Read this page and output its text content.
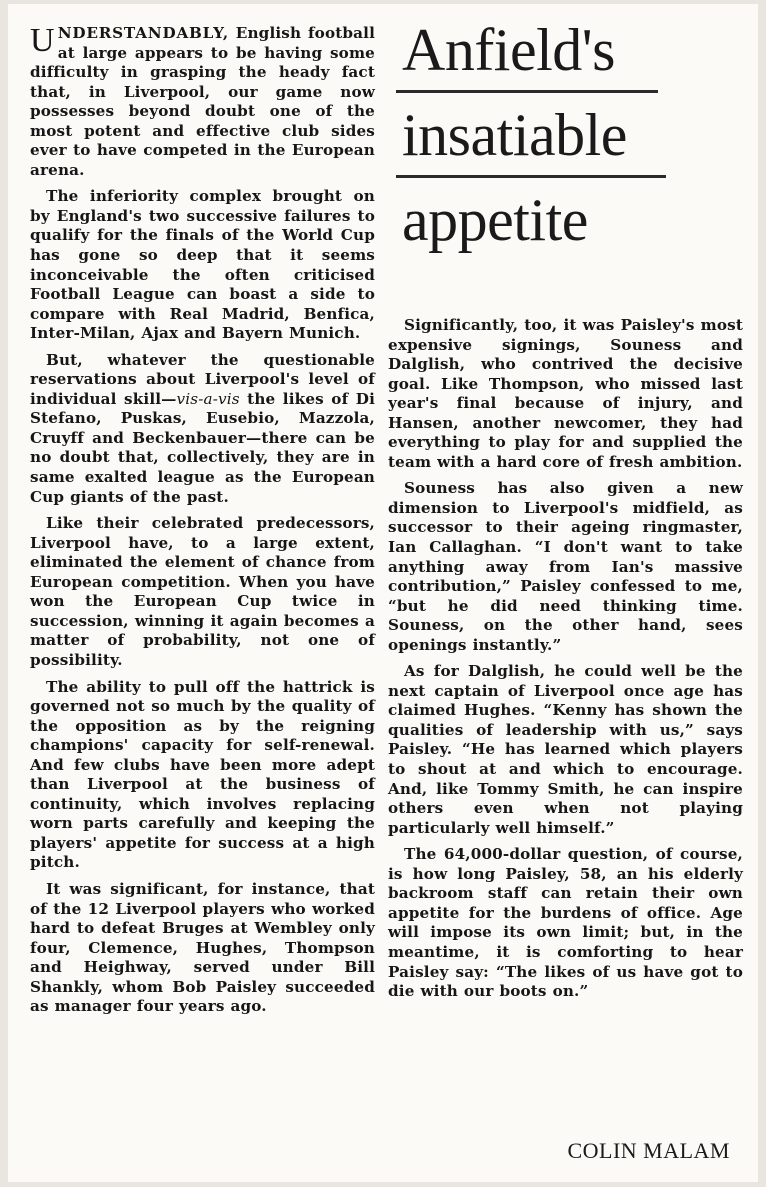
UNDERSTANDABLY, English football at large appears to be having some difficulty in grasping the heady fact that, in Liverpool, our game now possesses beyond doubt one of the most potent and effective club sides ever to have competed in the European arena.

The inferiority complex brought on by England's two successive failures to qualify for the finals of the World Cup has gone so deep that it seems inconceivable the often criticised Football League can boast a side to compare with Real Madrid, Benfica, Inter-Milan, Ajax and Bayern Munich.

But, whatever the questionable reservations about Liverpool's level of individual skill—vis-a-vis the likes of Di Stefano, Puskas, Eusebio, Mazzola, Cruyff and Beckenbauer—there can be no doubt that, collectively, they are in same exalted league as the European Cup giants of the past.

Like their celebrated predecessors, Liverpool have, to a large extent, eliminated the element of chance from European competition. When you have won the European Cup twice in succession, winning it again becomes a matter of probability, not one of possibility.

The ability to pull off the hattrick is governed not so much by the quality of the opposition as by the reigning champions' capacity for self-renewal. And few clubs have been more adept than Liverpool at the business of continuity, which involves replacing worn parts carefully and keeping the players' appetite for success at a high pitch.

It was significant, for instance, that of the 12 Liverpool players who worked hard to defeat Bruges at Wembley only four, Clemence, Hughes, Thompson and Heighway, served under Bill Shankly, whom Bob Paisley succeeded as manager four years ago.

Anfield's
insatiable
appetite

Significantly, too, it was Paisley's most expensive signings, Souness and Dalglish, who contrived the decisive goal. Like Thompson, who missed last year's final because of injury, and Hansen, another newcomer, they had everything to play for and supplied the team with a hard core of fresh ambition.

Souness has also given a new dimension to Liverpool's midfield, as successor to their ageing ringmaster, Ian Callaghan. “I don't want to take anything away from Ian's massive contribution,” Paisley confessed to me, “but he did need thinking time. Souness, on the other hand, sees openings instantly.”

As for Dalglish, he could well be the next captain of Liverpool once age has claimed Hughes. “Kenny has shown the qualities of leadership with us,” says Paisley. “He has learned which players to shout at and which to encourage. And, like Tommy Smith, he can inspire others even when not playing particularly well himself.”

The 64,000-dollar question, of course, is how long Paisley, 58, an his elderly backroom staff can retain their own appetite for the burdens of office. Age will impose its own limit; but, in the meantime, it is comforting to hear Paisley say: “The likes of us have got to die with our boots on.”

COLIN MALAM
